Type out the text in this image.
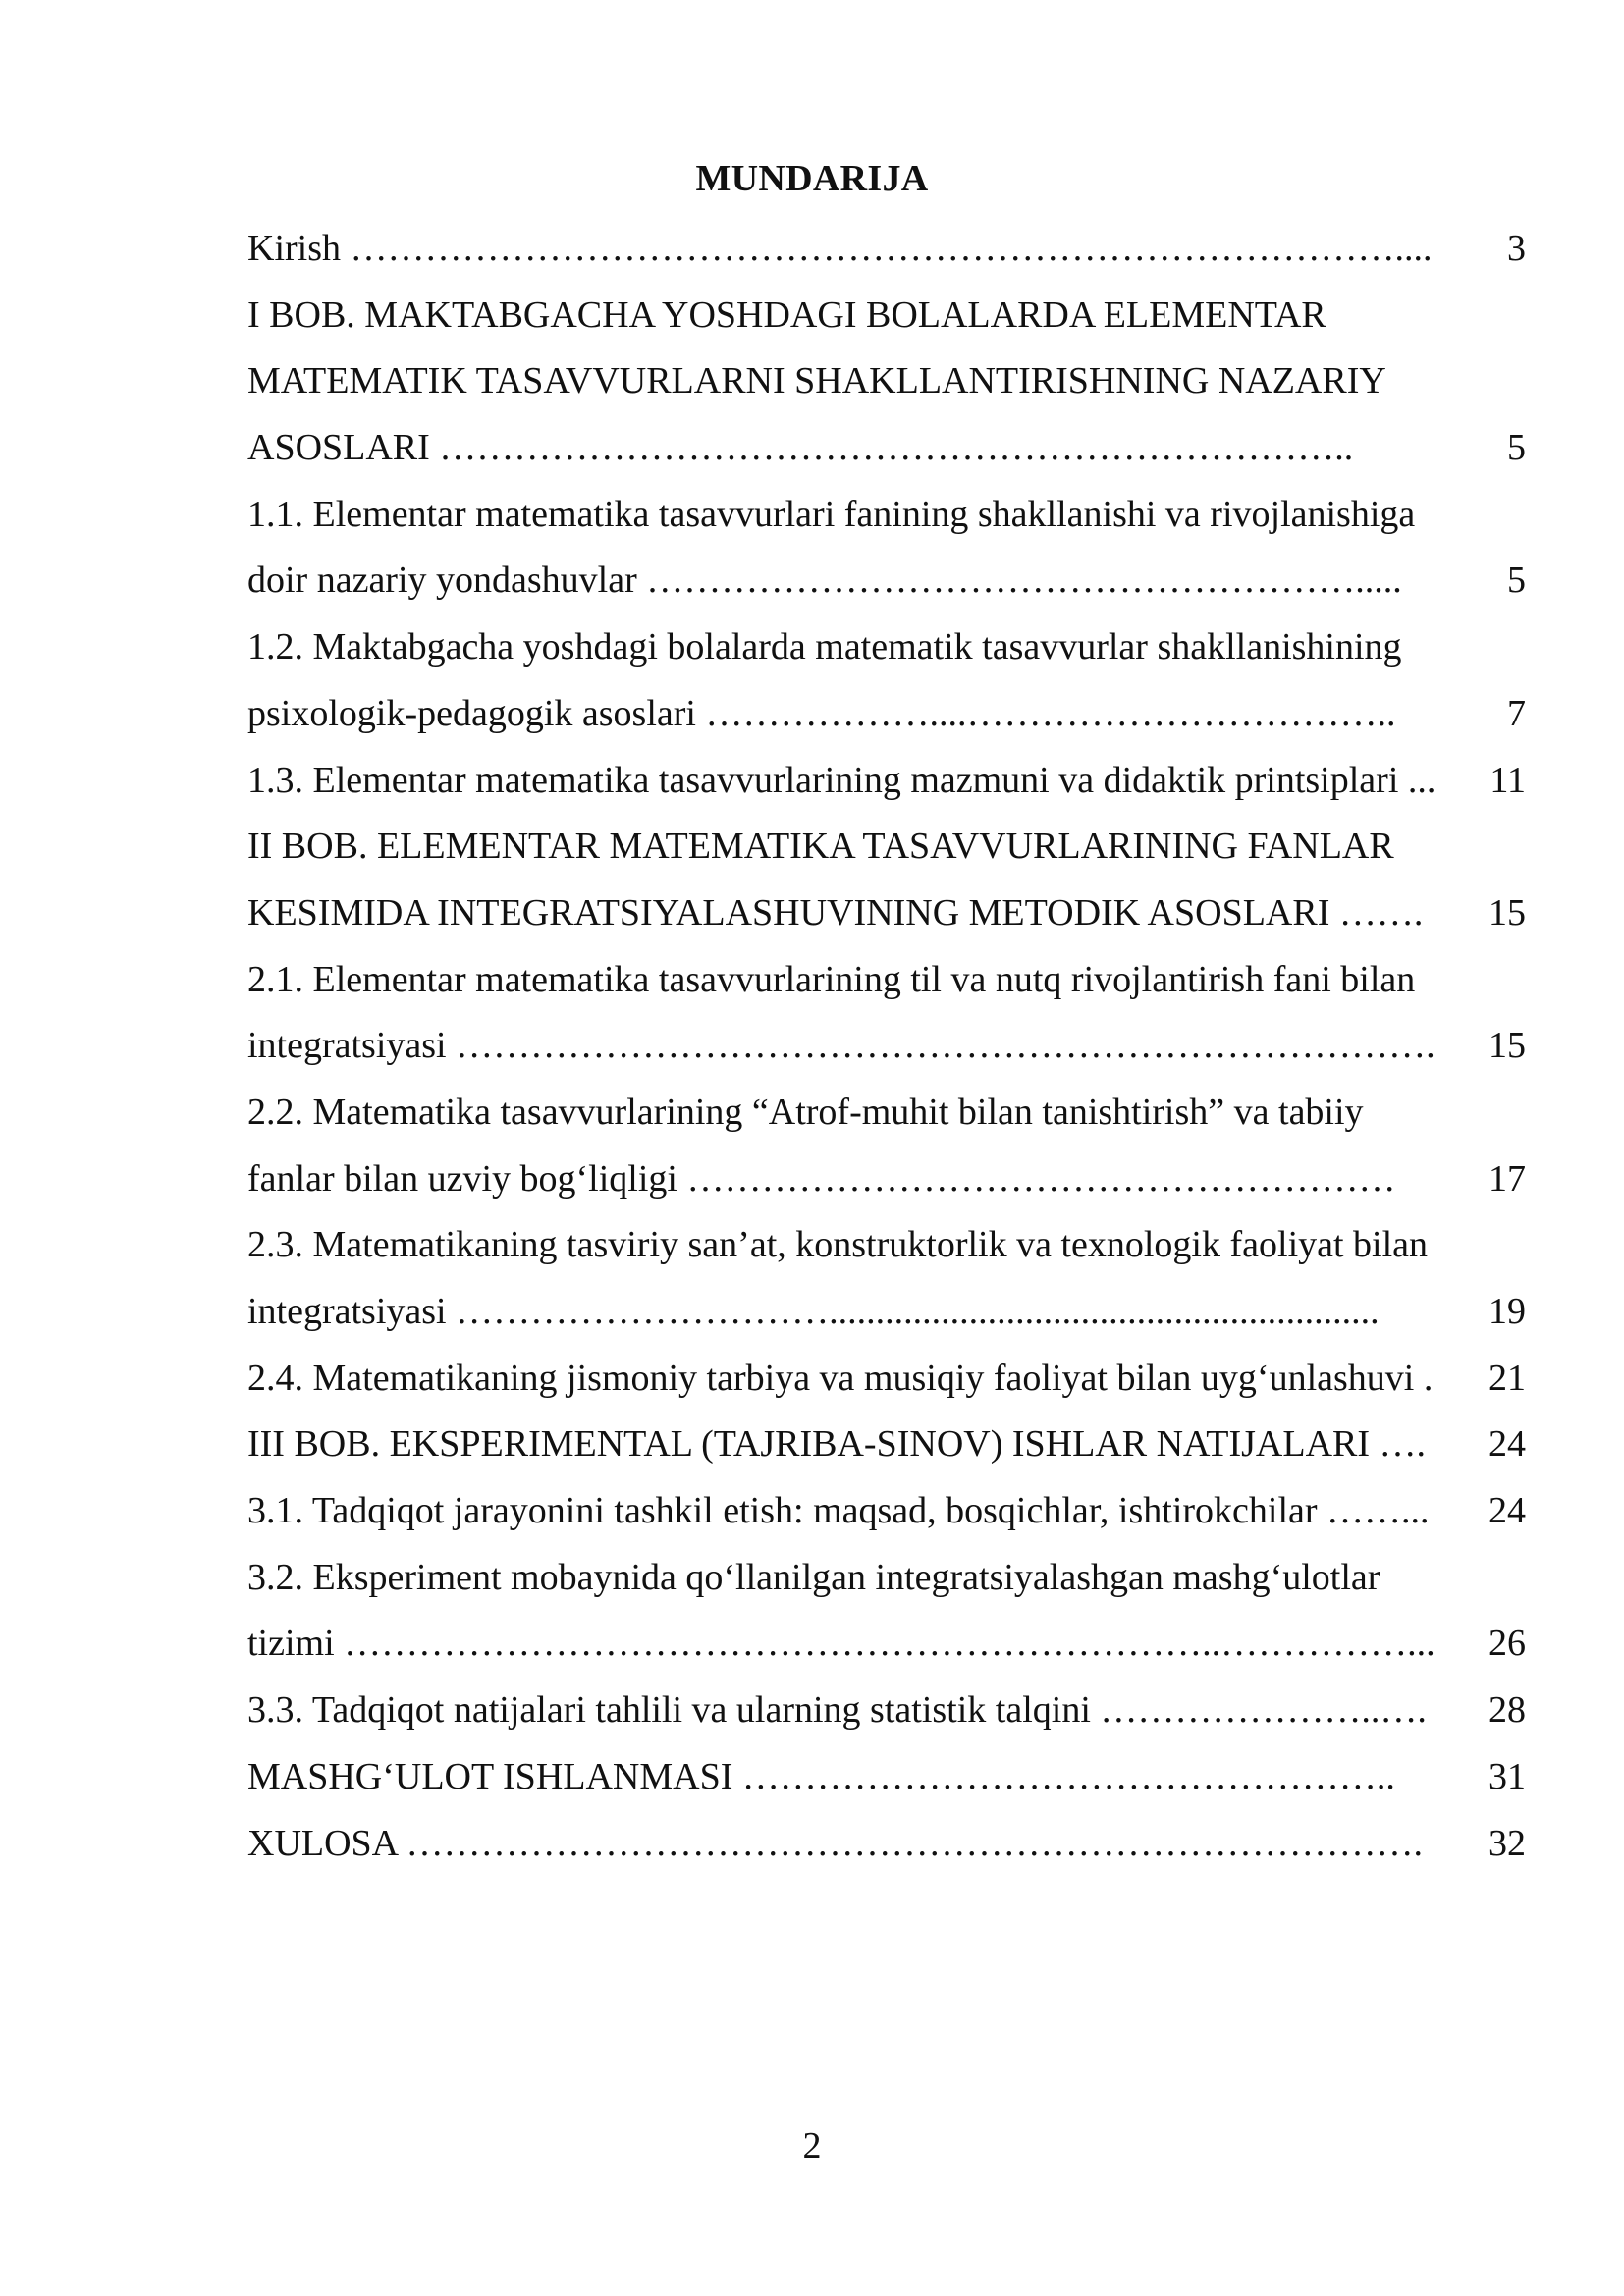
MUNDARIJA
Kirish …………………………………………………………………………....	3
I BOB. MAKTABGACHA YOSHDAGI BOLALARDA ELEMENTAR
MATEMATIK TASAVVURLARNI SHAKLLANTIRISHNING NAZARIY
ASOSLARI ………………………………………………………………..	5
1.1. Elementar matematika tasavvurlari fanining shakllanishi va rivojlanishiga
doir nazariy yondashuvlar ………………………………………………….....	5
1.2. Maktabgacha yoshdagi bolalarda matematik tasavvurlar shakllanishining
psixologik-pedagogik asoslari ………………....……………………………..	7
1.3. Elementar matematika tasavvurlarining mazmuni va didaktik printsiplari ...	11
II BOB. ELEMENTAR MATEMATIKA TASAVVURLARINING FANLAR
KESIMIDA INTEGRATSIYALASHUVINING METODIK ASOSLARI …….	15
2.1. Elementar matematika tasavvurlarining til va nutq rivojlantirish fani bilan
integratsiyasi …………………………………………………………………….	15
2.2. Matematika tasavvurlarining “Atrof-muhit bilan tanishtirish” va tabiiy
fanlar bilan uzviy bog‘liqligi …………………………………………………	17
2.3. Matematikaning tasviriy san’at, konstruktorlik va texnologik faoliyat bilan
integratsiyasi …………………………...........................................................	19
2.4. Matematikaning jismoniy tarbiya va musiqiy faoliyat bilan uyg‘unlashuvi .	21
III BOB. EKSPERIMENTAL (TAJRIBA-SINOV) ISHLAR NATIJALARI ….	24
3.1. Tadqiqot jarayonini tashkil etish: maqsad, bosqichlar, ishtirokchilar ……...	24
3.2. Eksperiment mobaynida qo‘llanilgan integratsiyalashgan mashg‘ulotlar
tizimi ……………………………………………………………..……………...	26
3.3. Tadqiqot natijalari tahlili va ularning statistik talqini …………………..….	28
MASHG‘ULOT ISHLANMASI ……………………………………………..	31
XULOSA ……………………………………………………………………….	32
2
